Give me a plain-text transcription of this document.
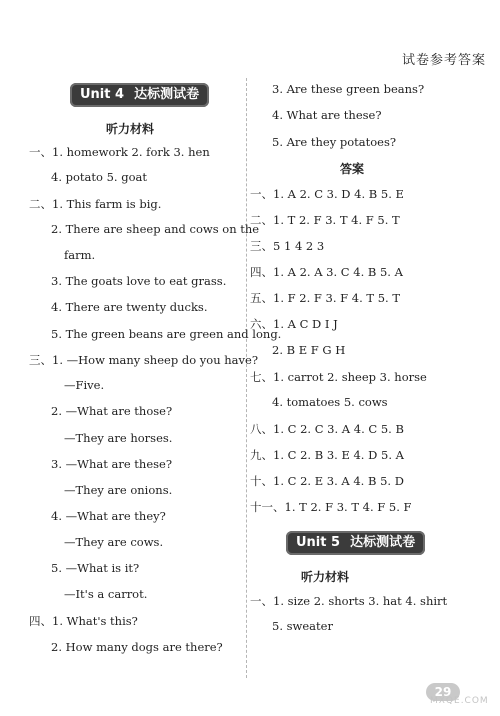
试卷参考答案
Unit 4 达标测试卷
听力材料
一、1. homework 2. fork 3. hen
4. potato 5. goat
二、1. This farm is big.
2. There are sheep and cows on the
farm.
3. The goats love to eat grass.
4. There are twenty ducks.
5. The green beans are green and long.
三、1. —How many sheep do you have?
—Five.
2. —What are those?
—They are horses.
3. —What are these?
—They are onions.
4. —What are they?
—They are cows.
5. —What is it?
—It's a carrot.
四、1. What's this?
2. How many dogs are there?
3. Are these green beans?
4. What are these?
5. Are they potatoes?
答案
一、1. A 2. C 3. D 4. B 5. E
二、1. T 2. F 3. T 4. F 5. T
三、5 1 4 2 3
四、1. A 2. A 3. C 4. B 5. A
五、1. F 2. F 3. F 4. T 5. T
六、1. A C D I J
2. B E F G H
七、1. carrot 2. sheep 3. horse
4. tomatoes 5. cows
八、1. C 2. C 3. A 4. C 5. B
九、1. C 2. B 3. E 4. D 5. A
十、1. C 2. E 3. A 4. B 5. D
十一、1. T 2. F 3. T 4. F 5. F
Unit 5 达标测试卷
听力材料
一、1. size 2. shorts 3. hat 4. shirt
5. sweater
29
MXQE.COM
